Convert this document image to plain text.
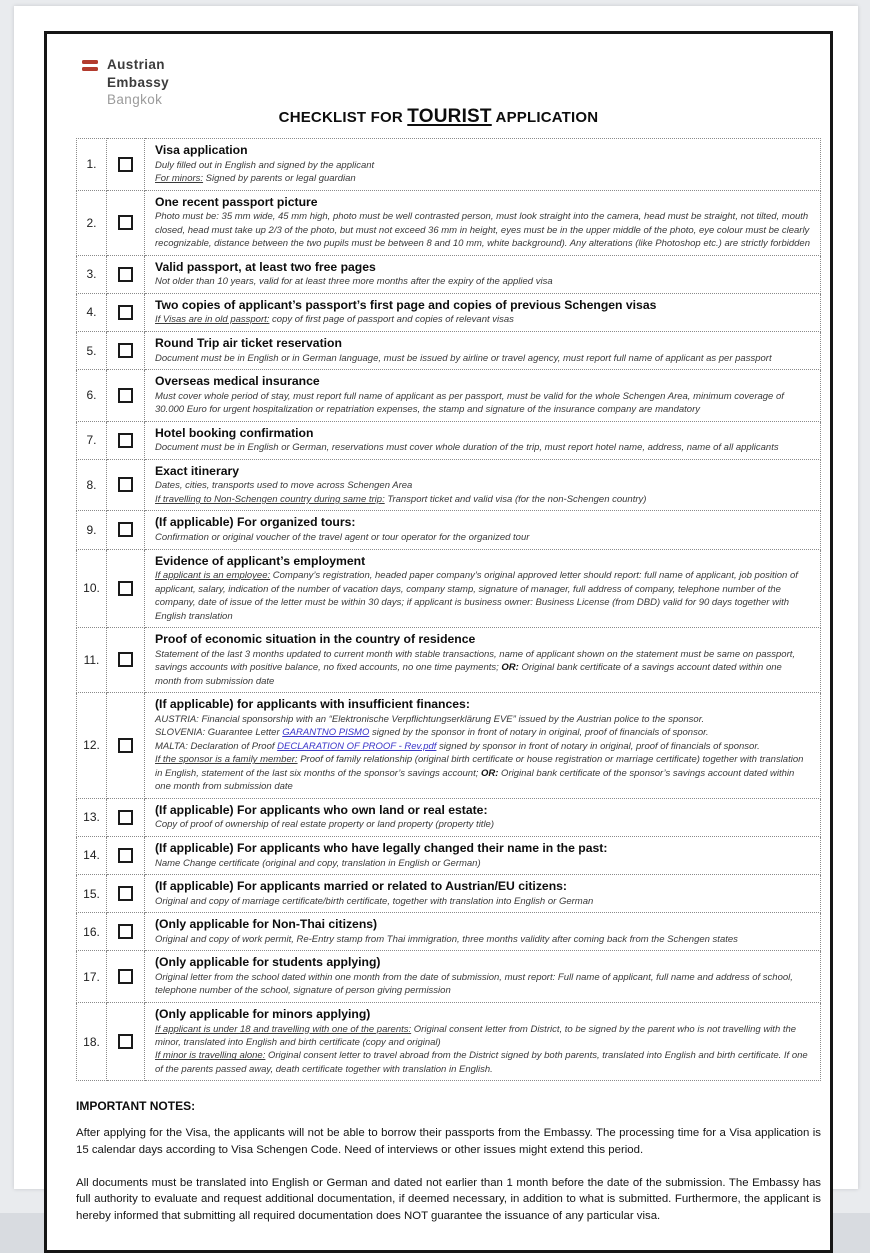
Austrian
Embassy
Bangkok
CHECKLIST FOR TOURIST APPLICATION
1.		Visa application
Duly filled out in English and signed by the applicant
For minors: Signed by parents or legal guardian

2.		One recent passport picture
Photo must be: 35 mm wide, 45 mm high, photo must be well contrasted person, must look straight into the camera, head must be straight, not tilted, mouth closed, head must take up 2/3 of the photo, but must not exceed 36 mm in height, eyes must be in the upper middle of the photo, eye colour must be clearly recognizable, distance between the two pupils must be between 8 and 10 mm, white background). Any alterations (like Photoshop etc.) are strictly forbidden

3.		Valid passport, at least two free pages
Not older than 10 years, valid for at least three more months after the expiry of the applied visa

4.		Two copies of applicant’s passport’s first page and copies of previous Schengen visas
If Visas are in old passport: copy of first page of passport and copies of relevant visas

5.		Round Trip air ticket reservation
Document must be in English or in German language, must be issued by airline or travel agency, must report full name of applicant as per passport

6.		Overseas medical insurance
Must cover whole period of stay, must report full name of applicant as per passport, must be valid for the whole Schengen Area, minimum coverage of 30.000 Euro for urgent hospitalization or repatriation expenses, the stamp and signature of the insurance company are mandatory

7.		Hotel booking confirmation
Document must be in English or German, reservations must cover whole duration of the trip, must report hotel name, address, name of all applicants

8.		Exact itinerary
Dates, cities, transports used to move across Schengen Area
If travelling to Non-Schengen country during same trip: Transport ticket and valid visa (for the non-Schengen country)

9.		(If applicable) For organized tours:
Confirmation or original voucher of the travel agent or tour operator for the organized tour

10.		Evidence of applicant’s employment
If applicant is an employee: Company’s registration, headed paper company’s original approved letter should report: full name of applicant, job position of applicant, salary, indication of the number of vacation days, company stamp, signature of manager, full address of company, telephone number of the company, date of issue of the letter must be within 30 days; if applicant is business owner: Business License (from DBD) valid for 90 days together with English translation

11.		Proof of economic situation in the country of residence
Statement of the last 3 months updated to current month with stable transactions, name of applicant shown on the statement must be same on passport, savings accounts with positive balance, no fixed accounts, no one time payments; OR: Original bank certificate of a savings account dated within one month from submission date

12.		(If applicable) for applicants with insufficient finances:
AUSTRIA: Financial sponsorship with an “Elektronische Verpflichtungserklärung EVE” issued by the Austrian police to the sponsor.
SLOVENIA: Guarantee Letter GARANTNO PISMO signed by the sponsor in front of notary in original, proof of financials of sponsor.
MALTA: Declaration of Proof DECLARATION OF PROOF - Rev.pdf signed by sponsor in front of notary in original, proof of financials of sponsor.
If the sponsor is a family member: Proof of family relationship (original birth certificate or house registration or marriage certificate) together with translation in English, statement of the last six months of the sponsor’s savings account; OR: Original bank certificate of the sponsor’s savings account dated within one month from submission date

13.		(If applicable) For applicants who own land or real estate:
Copy of proof of ownership of real estate property or land property (property title)

14.		(If applicable) For applicants who have legally changed their name in the past:
Name Change certificate (original and copy, translation in English or German)

15.		(If applicable) For applicants married or related to Austrian/EU citizens:
Original and copy of marriage certificate/birth certificate, together with translation into English or German

16.		(Only applicable for Non-Thai citizens)
Original and copy of work permit, Re-Entry stamp from Thai immigration, three months validity after coming back from the Schengen states

17.		(Only applicable for students applying)
Original letter from the school dated within one month from the date of submission, must report: Full name of applicant, full name and address of school, telephone number of the school, signature of person giving permission

18.		(Only applicable for minors applying)
If applicant is under 18 and travelling with one of the parents: Original consent letter from District, to be signed by the parent who is not travelling with the minor, translated into English and birth certificate (copy and original)
If minor is travelling alone: Original consent letter to travel abroad from the District signed by both parents, translated into English and birth certificate. If one of the parents passed away, death certificate together with translation in English.
IMPORTANT NOTES:

After applying for the Visa, the applicants will not be able to borrow their passports from the Embassy. The processing time for a Visa application is 15 calendar days according to Visa Schengen Code. Need of interviews or other issues might extend this period.

All documents must be translated into English or German and dated not earlier than 1 month before the date of the submission. The Embassy has full authority to evaluate and request additional documentation, if deemed necessary, in addition to what is submitted. Furthermore, the applicant is hereby informed that submitting all required documentation does NOT guarantee the issuance of any particular visa.
